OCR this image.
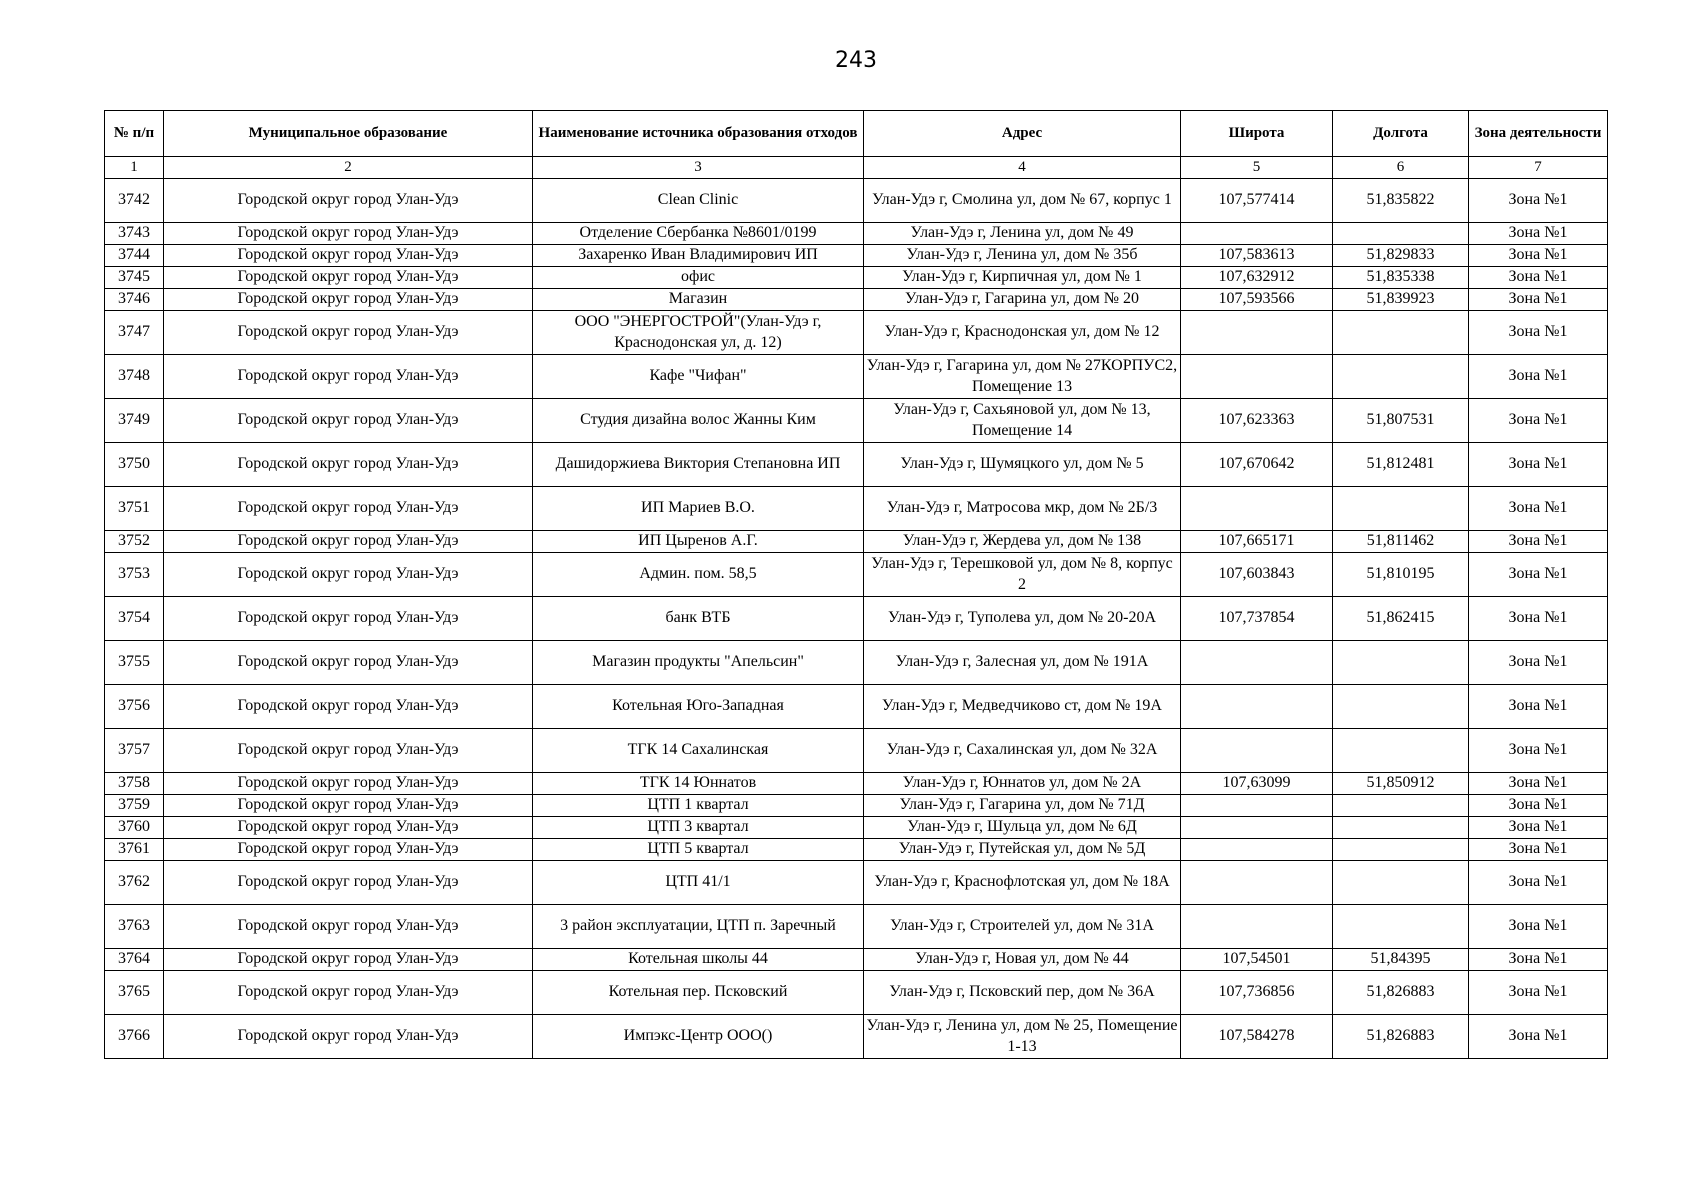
243
№ п/п	Муниципальное образование	Наименование источника образования отходов	Адрес	Широта	Долгота	Зона деятельности
1	2	3	4	5	6	7
3742	Городской округ город Улан-Удэ	Clean Clinic	Улан-Удэ г, Смолина ул, дом № 67, корпус 1	107,577414	51,835822	Зона №1
3743	Городской округ город Улан-Удэ	Отделение Сбербанка №8601/0199	Улан-Удэ г, Ленина ул, дом № 49			Зона №1
3744	Городской округ город Улан-Удэ	Захаренко Иван Владимирович ИП	Улан-Удэ г, Ленина ул, дом № 35б	107,583613	51,829833	Зона №1
3745	Городской округ город Улан-Удэ	офис	Улан-Удэ г, Кирпичная ул, дом № 1	107,632912	51,835338	Зона №1
3746	Городской округ город Улан-Удэ	Магазин	Улан-Удэ г, Гагарина ул, дом № 20	107,593566	51,839923	Зона №1
3747	Городской округ город Улан-Удэ	ООО "ЭНЕРГОСТРОЙ"(Улан-Удэ г, Краснодонская ул, д. 12)	Улан-Удэ г, Краснодонская ул, дом № 12			Зона №1
3748	Городской округ город Улан-Удэ	Кафе "Чифан"	Улан-Удэ г, Гагарина ул, дом № 27КОРПУС2, Помещение 13			Зона №1
3749	Городской округ город Улан-Удэ	Студия дизайна волос Жанны Ким	Улан-Удэ г, Сахьяновой ул, дом № 13, Помещение 14	107,623363	51,807531	Зона №1
3750	Городской округ город Улан-Удэ	Дашидоржиева Виктория Степановна ИП	Улан-Удэ г, Шумяцкого ул, дом № 5	107,670642	51,812481	Зона №1
3751	Городской округ город Улан-Удэ	ИП Мариев В.О.	Улан-Удэ г, Матросова мкр, дом № 2Б/3			Зона №1
3752	Городской округ город Улан-Удэ	ИП Цыренов А.Г.	Улан-Удэ г, Жердева ул, дом № 138	107,665171	51,811462	Зона №1
3753	Городской округ город Улан-Удэ	Админ. пом. 58,5	Улан-Удэ г, Терешковой ул, дом № 8, корпус 2	107,603843	51,810195	Зона №1
3754	Городской округ город Улан-Удэ	банк ВТБ	Улан-Удэ г, Туполева ул, дом № 20-20А	107,737854	51,862415	Зона №1
3755	Городской округ город Улан-Удэ	Магазин продукты "Апельсин"	Улан-Удэ г, Залесная ул, дом № 191А			Зона №1
3756	Городской округ город Улан-Удэ	Котельная Юго-Западная	Улан-Удэ г, Медведчиково ст, дом № 19А			Зона №1
3757	Городской округ город Улан-Удэ	ТГК 14 Сахалинская	Улан-Удэ г, Сахалинская ул, дом № 32А			Зона №1
3758	Городской округ город Улан-Удэ	ТГК 14 Юннатов	Улан-Удэ г, Юннатов ул, дом № 2А	107,63099	51,850912	Зона №1
3759	Городской округ город Улан-Удэ	ЦТП 1 квартал	Улан-Удэ г, Гагарина ул, дом № 71Д			Зона №1
3760	Городской округ город Улан-Удэ	ЦТП 3 квартал	Улан-Удэ г, Шульца ул, дом № 6Д			Зона №1
3761	Городской округ город Улан-Удэ	ЦТП 5 квартал	Улан-Удэ г, Путейская ул, дом № 5Д			Зона №1
3762	Городской округ город Улан-Удэ	ЦТП 41/1	Улан-Удэ г, Краснофлотская ул, дом № 18А			Зона №1
3763	Городской округ город Улан-Удэ	3 район эксплуатации, ЦТП п. Заречный	Улан-Удэ г, Строителей ул, дом № 31А			Зона №1
3764	Городской округ город Улан-Удэ	Котельная школы 44	Улан-Удэ г, Новая ул, дом № 44	107,54501	51,84395	Зона №1
3765	Городской округ город Улан-Удэ	Котельная пер. Псковский	Улан-Удэ г, Псковский пер, дом № 36А	107,736856	51,826883	Зона №1
3766	Городской округ город Улан-Удэ	Импэкс-Центр ООО()	Улан-Удэ г, Ленина ул, дом № 25, Помещение 1-13	107,584278	51,826883	Зона №1
